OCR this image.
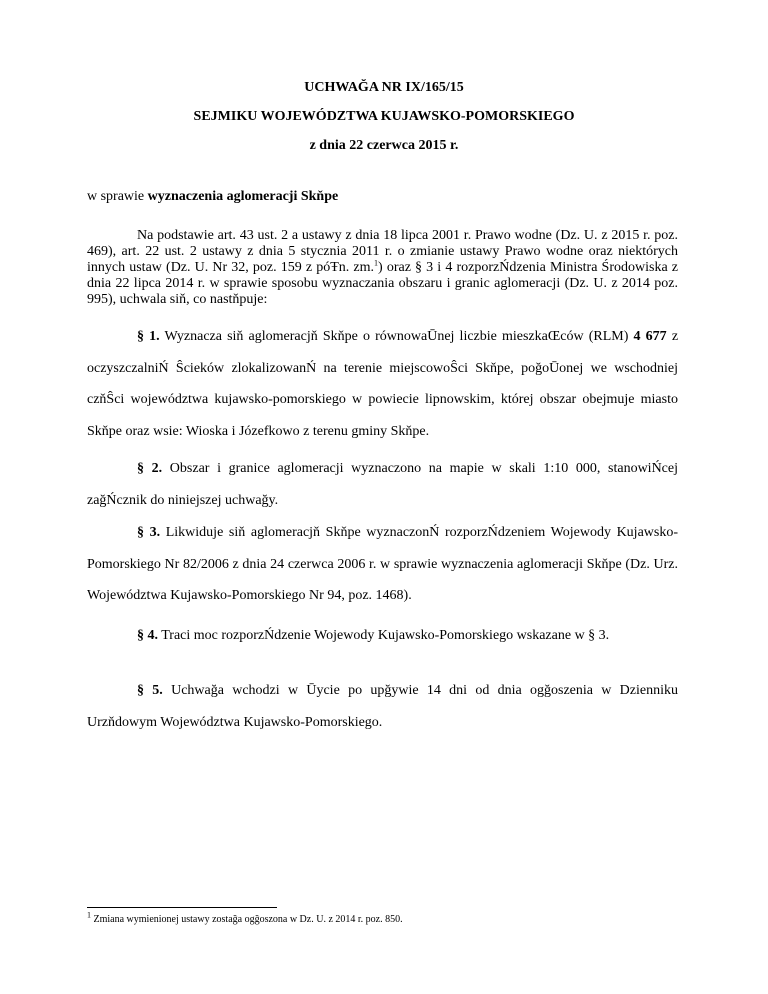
UCHWAĞA NR IX/165/15
SEJMIKU WOJEWÓDZTWA KUJAWSKO-POMORSKIEGO
z dnia 22 czerwca 2015 r.
w sprawie wyznaczenia aglomeracji Skňpe
Na podstawie art. 43 ust. 2 a ustawy z dnia 18 lipca 2001 r. Prawo wodne (Dz. U. z 2015 r. poz. 469), art. 22 ust. 2 ustawy z dnia 5 stycznia 2011 r. o zmianie ustawy Prawo wodne oraz niektórych innych ustaw (Dz. U. Nr 32, poz. 159 z póŦn. zm.$^1$) oraz § 3 i 4 rozporzŃdzenia Ministra Środowiska z dnia 22 lipca 2014 r. w sprawie sposobu wyznaczania obszaru i granic aglomeracji (Dz. U. z 2014 poz. 995), uchwala siň, co nastňpuje:
§ 1. Wyznacza siň aglomeracjň Skňpe o równowaŪnej liczbie mieszkaŒców (RLM) 4 677 z oczyszczalniŃ Ŝcieków zlokalizowanŃ na terenie miejscowoŜci Skňpe, poğoŪonej we wschodniej czňŜci województwa kujawsko-pomorskiego w powiecie lipnowskim, której obszar obejmuje miasto Skňpe oraz wsie: Wioska i Józefkowo z terenu gminy Skňpe.
§ 2. Obszar i granice aglomeracji wyznaczono na mapie w skali 1:10 000, stanowiŃcej zağŃcznik do niniejszej uchwağy.
§ 3. Likwiduje siň aglomeracjň Skňpe wyznaczonŃ rozporzŃdzeniem Wojewody Kujawsko-Pomorskiego Nr 82/2006 z dnia 24 czerwca 2006 r. w sprawie wyznaczenia aglomeracji Skňpe (Dz. Urz. Województwa Kujawsko-Pomorskiego Nr 94, poz. 1468).
§ 4. Traci moc rozporzŃdzenie Wojewody Kujawsko-Pomorskiego wskazane w § 3.
§ 5. Uchwağa wchodzi w Ūycie po upğywie 14 dni od dnia ogğoszenia w Dzienniku Urzňdowym Województwa Kujawsko-Pomorskiego.
$^1$ Zmiana wymienionej ustawy zostağa ogğoszona w Dz. U. z 2014 r. poz. 850.
